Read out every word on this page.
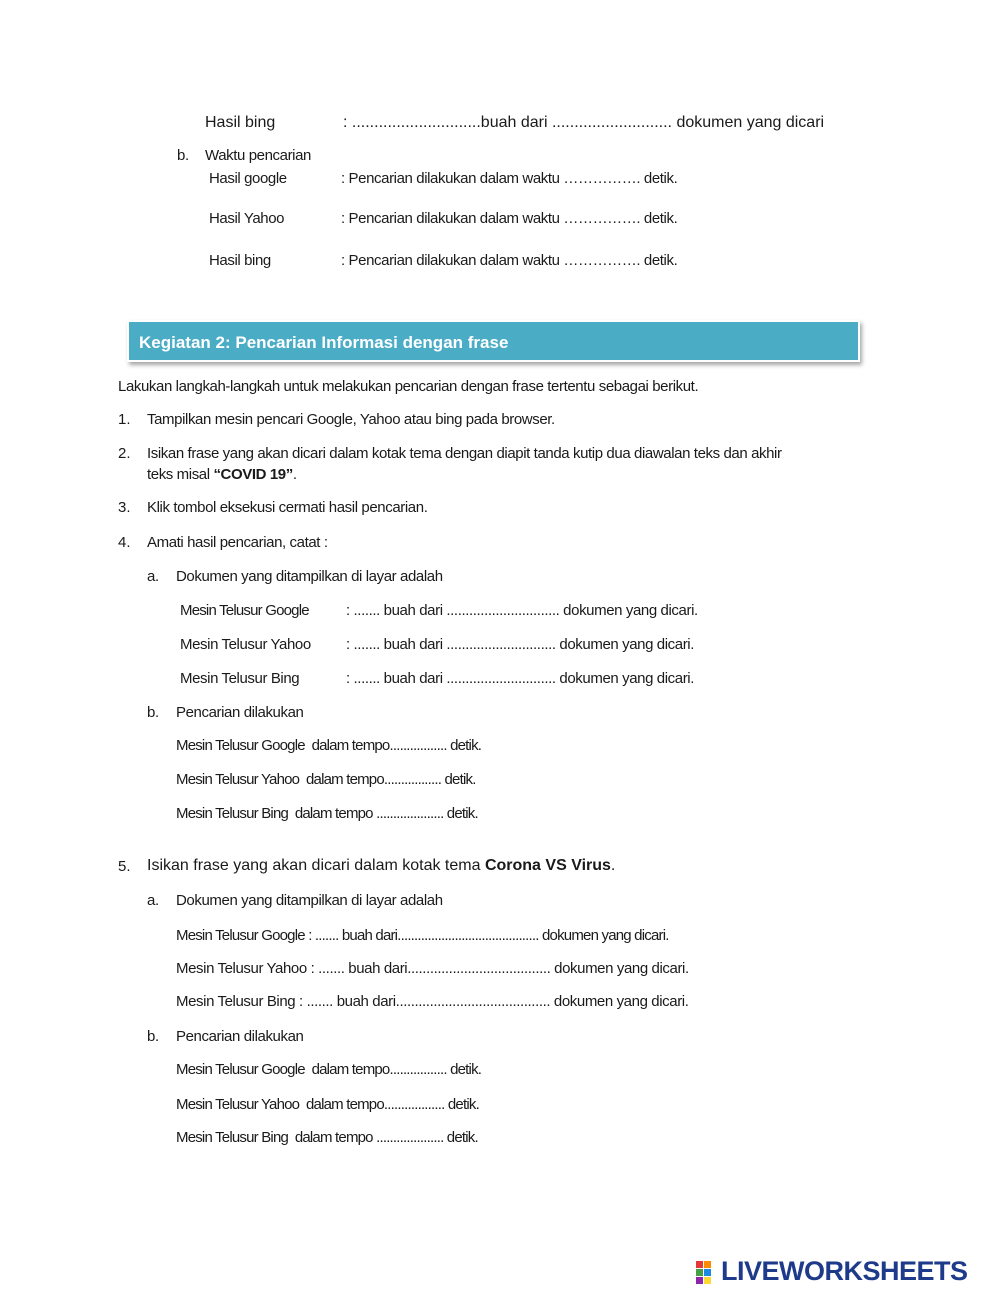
Hasil bing	: .............................buah dari ........................... dokumen yang dicari
b. Waktu pencarian
Hasil google	: Pencarian dilakukan dalam waktu ……………. detik.
Hasil Yahoo	: Pencarian dilakukan dalam waktu ……………. detik.
Hasil bing	: Pencarian dilakukan dalam waktu ……………. detik.
Kegiatan 2: Pencarian Informasi dengan frase
Lakukan langkah-langkah untuk melakukan pencarian dengan frase tertentu sebagai berikut.
1. Tampilkan mesin pencari Google, Yahoo atau bing pada browser.
2. Isikan frase yang akan dicari dalam kotak tema dengan diapit tanda kutip dua diawalan teks dan akhir
teks misal “COVID 19”.
3. Klik tombol eksekusi cermati hasil pencarian.
4. Amati hasil pencarian, catat :
a. Dokumen yang ditampilkan di layar adalah
Mesin Telusur Google : ....... buah dari .............................. dokumen yang dicari.
Mesin Telusur Yahoo : ....... buah dari ............................. dokumen yang dicari.
Mesin Telusur Bing	: ....... buah dari ............................. dokumen yang dicari.
b. Pencarian dilakukan
Mesin Telusur Google dalam tempo................. detik.
Mesin Telusur Yahoo dalam tempo................. detik.
Mesin Telusur Bing dalam tempo .................... detik.
5. Isikan frase yang akan dicari dalam kotak tema Corona VS Virus.
a. Dokumen yang ditampilkan di layar adalah
Mesin Telusur Google : ....... buah dari.......................................... dokumen yang dicari.
Mesin Telusur Yahoo : ....... buah dari...................................... dokumen yang dicari.
Mesin Telusur Bing : ....... buah dari......................................... dokumen yang dicari.
b. Pencarian dilakukan
Mesin Telusur Google dalam tempo................. detik.
Mesin Telusur Yahoo dalam tempo.................. detik.
Mesin Telusur Bing dalam tempo .................... detik.
LIVEWORKSHEETS
